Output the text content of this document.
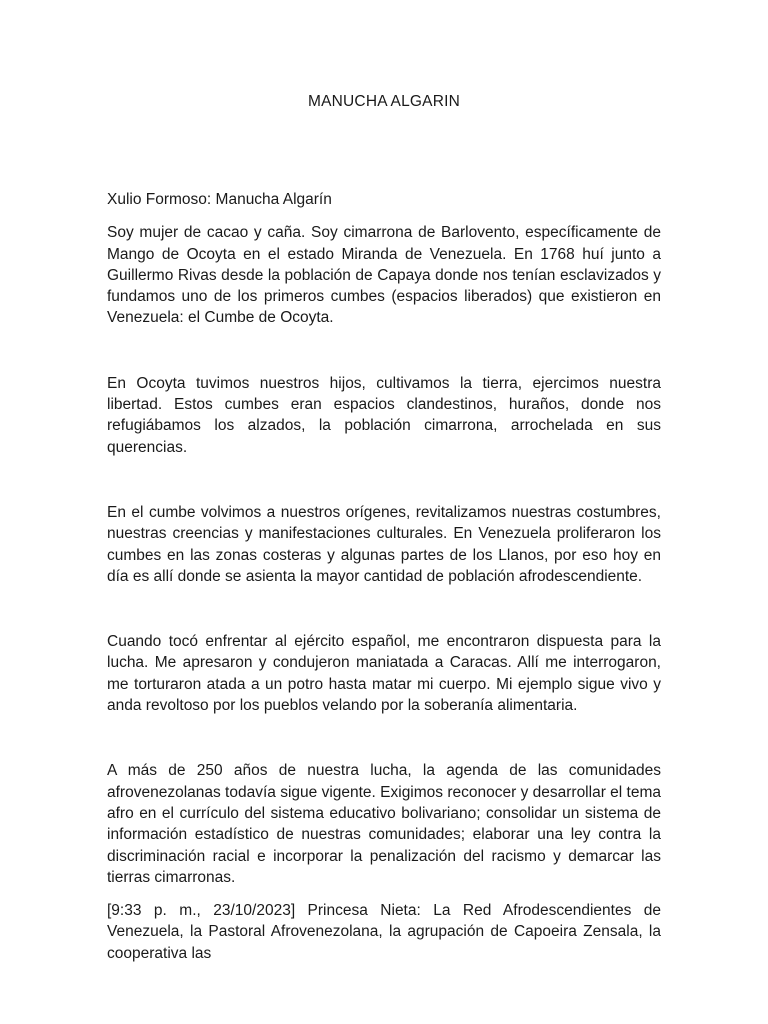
MANUCHA ALGARIN

Xulio Formoso: Manucha Algarín

Soy mujer de cacao y caña. Soy cimarrona de Barlovento, específicamente de Mango de Ocoyta en el estado Miranda de Venezuela. En 1768 huí junto a Guillermo Rivas desde la población de Capaya donde nos tenían esclavizados y fundamos uno de los primeros cumbes (espacios liberados) que existieron en Venezuela: el Cumbe de Ocoyta.

En Ocoyta tuvimos nuestros hijos, cultivamos la tierra, ejercimos nuestra libertad. Estos cumbes eran espacios clandestinos, huraños, donde nos refugiábamos los alzados, la población cimarrona, arrochelada en sus querencias.

En el cumbe volvimos a nuestros orígenes, revitalizamos nuestras costumbres, nuestras creencias y manifestaciones culturales. En Venezuela proliferaron los cumbes en las zonas costeras y algunas partes de los Llanos, por eso hoy en día es allí donde se asienta la mayor cantidad de población afrodescendiente.

Cuando tocó enfrentar al ejército español, me encontraron dispuesta para la lucha. Me apresaron y condujeron maniatada a Caracas. Allí me interrogaron, me torturaron atada a un potro hasta matar mi cuerpo. Mi ejemplo sigue vivo y anda revoltoso por los pueblos velando por la soberanía alimentaria.

A más de 250 años de nuestra lucha, la agenda de las comunidades afrovenezolanas todavía sigue vigente. Exigimos reconocer y desarrollar el tema afro en el currículo del sistema educativo bolivariano; consolidar un sistema de información estadístico de nuestras comunidades; elaborar una ley contra la discriminación racial e incorporar la penalización del racismo y demarcar las tierras cimarronas.

[9:33 p. m., 23/10/2023] Princesa Nieta: La Red Afrodescendientes de Venezuela, la Pastoral Afrovenezolana, la agrupación de Capoeira Zensala, la cooperativa las
